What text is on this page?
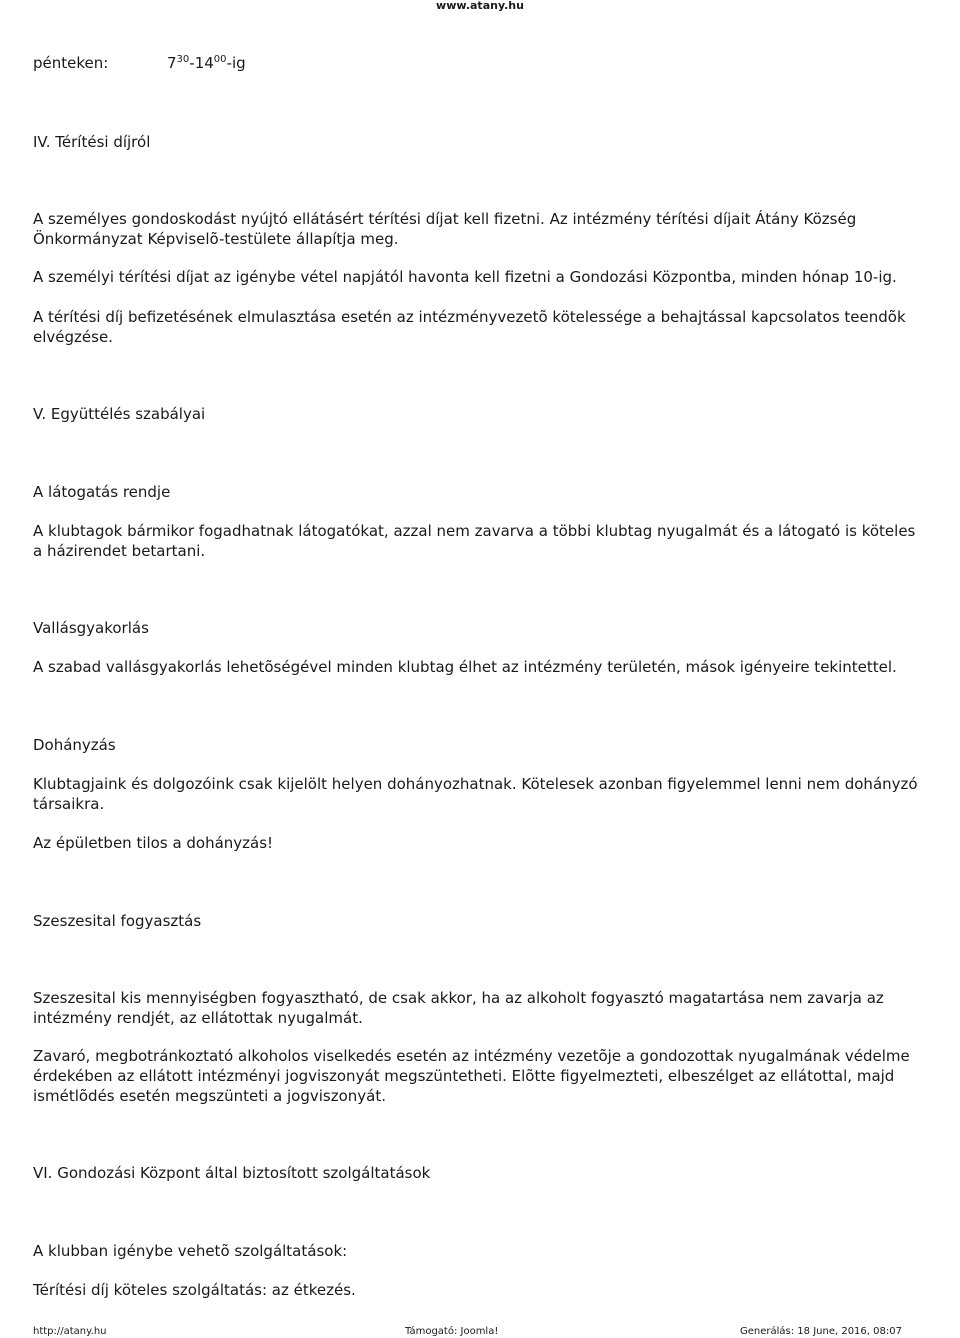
www.atany.hu

pénteken:	$7^{30}-14^{00}-ig$

IV. Térítési díjról

A személyes gondoskodást nyújtó ellátásért térítési díjat kell fizetni. Az intézmény térítési díjait Átány Község Önkormányzat Képviselõ-testülete állapítja meg.

A személyi térítési díjat az igénybe vétel napjától havonta kell fizetni a Gondozási Központba, minden hónap 10-ig.

A térítési díj befizetésének elmulasztása esetén az intézményvezetõ kötelessége a behajtással kapcsolatos teendõk elvégzése.

V. Együttélés szabályai

A látogatás rendje

A klubtagok bármikor fogadhatnak látogatókat, azzal nem zavarva a többi klubtag nyugalmát és a látogató is köteles a házirendet betartani.

Vallásgyakorlás

A szabad vallásgyakorlás lehetõségével minden klubtag élhet az intézmény területén, mások igényeire tekintettel.

Dohányzás

Klubtagjaink és dolgozóink csak kijelölt helyen dohányozhatnak. Kötelesek azonban figyelemmel lenni nem dohányzó társaikra.

Az épületben tilos a dohányzás!

Szeszesital fogyasztás

Szeszesital kis mennyiségben fogyasztható, de csak akkor, ha az alkoholt fogyasztó magatartása nem zavarja az intézmény rendjét, az ellátottak nyugalmát.

Zavaró, megbotránkoztató alkoholos viselkedés esetén az intézmény vezetõje a gondozottak nyugalmának védelme érdekében az ellátott intézményi jogviszonyát megszüntetheti. Elõtte figyelmezteti, elbeszélget az ellátottal, majd ismétlõdés esetén megszünteti a jogviszonyát.

VI. Gondozási Központ által biztosított szolgáltatások

A klubban igénybe vehetõ szolgáltatások:

Térítési díj köteles szolgáltatás: az étkezés.

http://atany.hu	Támogató: Joomla!	Generálás: 18 June, 2016, 08:07
